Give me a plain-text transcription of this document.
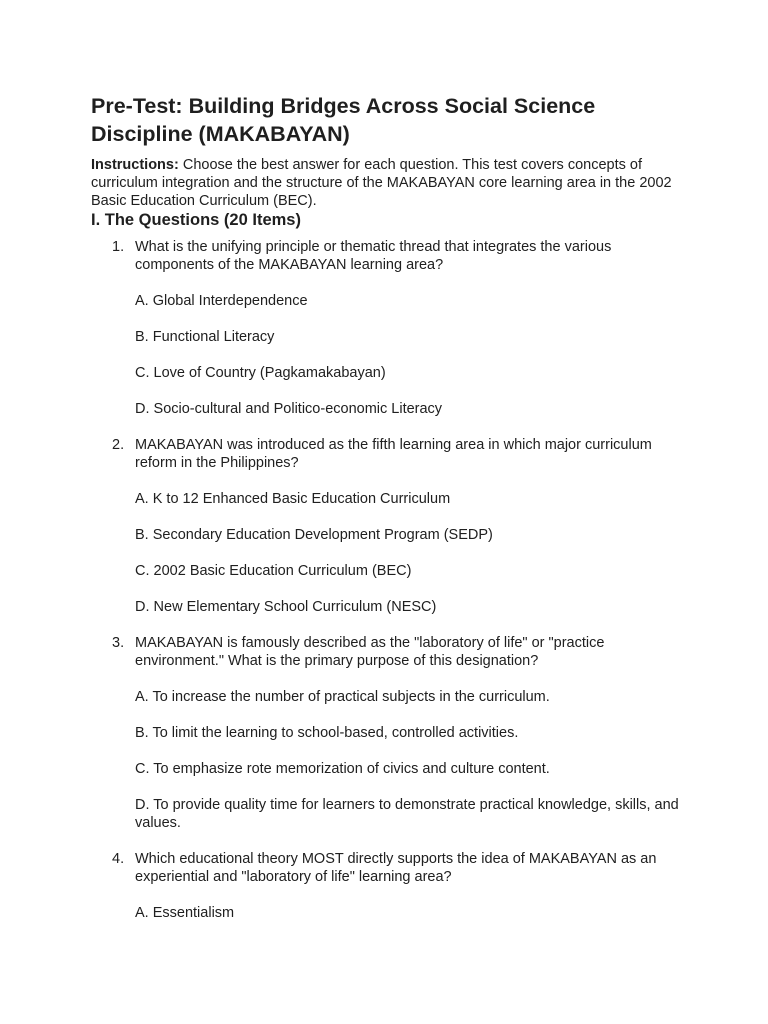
Pre-Test: Building Bridges Across Social Science Discipline (MAKABAYAN)

Instructions: Choose the best answer for each question. This test covers concepts of curriculum integration and the structure of the MAKABAYAN core learning area in the 2002 Basic Education Curriculum (BEC).

I. The Questions (20 Items)
1. What is the unifying principle or thematic thread that integrates the various components of the MAKABAYAN learning area?

A. Global Interdependence

B. Functional Literacy

C. Love of Country (Pagkamakabayan)

D. Socio-cultural and Politico-economic Literacy

2. MAKABAYAN was introduced as the fifth learning area in which major curriculum reform in the Philippines?

A. K to 12 Enhanced Basic Education Curriculum

B. Secondary Education Development Program (SEDP)

C. 2002 Basic Education Curriculum (BEC)

D. New Elementary School Curriculum (NESC)

3. MAKABAYAN is famously described as the "laboratory of life" or "practice environment." What is the primary purpose of this designation?

A. To increase the number of practical subjects in the curriculum.

B. To limit the learning to school-based, controlled activities.

C. To emphasize rote memorization of civics and culture content.

D. To provide quality time for learners to demonstrate practical knowledge, skills, and values.

4. Which educational theory MOST directly supports the idea of MAKABAYAN as an experiential and "laboratory of life" learning area?

A. Essentialism
